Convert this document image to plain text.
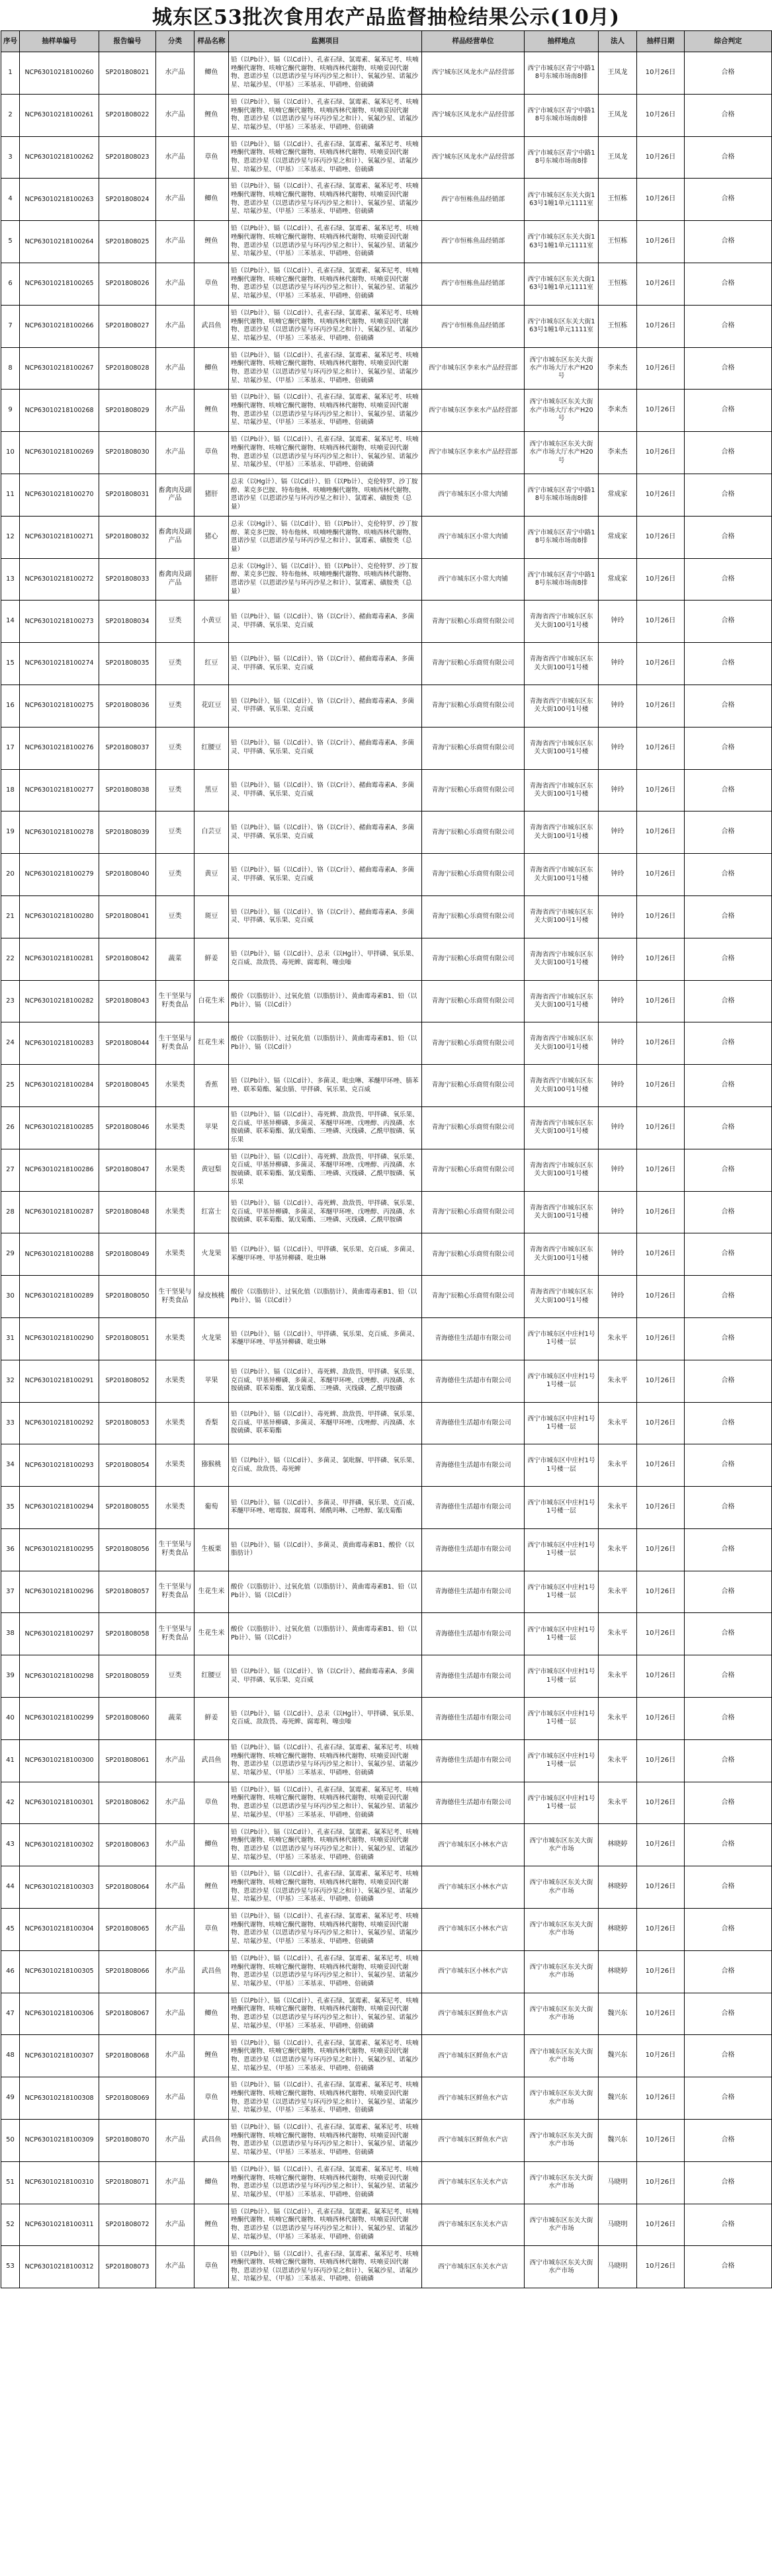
城东区53批次食用农产品监督抽检结果公示(10月)
序号	抽样单编号	报告编号	分类	样品名称	监测项目	样品经营单位	抽样地点	法人	抽样日期	综合判定
1	NCP63010218100260	SP201808021	水产品	鲫鱼	铅（以Pb计）、镉（以Cd计）、孔雀石绿、氯霉素、氟苯尼考、呋喃唑酮代谢物、呋喃它酮代谢物、呋喃西林代谢物、呋喃妥因代谢物、恩诺沙星（以恩诺沙星与环丙沙星之和计）、氧氟沙星、诺氟沙星、培氟沙星、（甲基）三苯基汞、甲硝唑、倍硫磷	西宁城东区凤龙水产品经营部	西宁市城东区青宁中路18号东城市场南8排	王凤龙	10月26日	合格
2	NCP63010218100261	SP201808022	水产品	鲤鱼	铅（以Pb计）、镉（以Cd计）、孔雀石绿、氯霉素、氟苯尼考、呋喃唑酮代谢物、呋喃它酮代谢物、呋喃西林代谢物、呋喃妥因代谢物、恩诺沙星（以恩诺沙星与环丙沙星之和计）、氧氟沙星、诺氟沙星、培氟沙星、（甲基）三苯基汞、甲硝唑、倍硫磷	西宁城东区凤龙水产品经营部	西宁市城东区青宁中路18号东城市场南8排	王凤龙	10月26日	合格
3	NCP63010218100262	SP201808023	水产品	草鱼	铅（以Pb计）、镉（以Cd计）、孔雀石绿、氯霉素、氟苯尼考、呋喃唑酮代谢物、呋喃它酮代谢物、呋喃西林代谢物、呋喃妥因代谢物、恩诺沙星（以恩诺沙星与环丙沙星之和计）、氧氟沙星、诺氟沙星、培氟沙星、（甲基）三苯基汞、甲硝唑、倍硫磷	西宁城东区凤龙水产品经营部	西宁市城东区青宁中路18号东城市场南8排	王凤龙	10月26日	合格
4	NCP63010218100263	SP201808024	水产品	鲫鱼	铅（以Pb计）、镉（以Cd计）、孔雀石绿、氯霉素、氟苯尼考、呋喃唑酮代谢物、呋喃它酮代谢物、呋喃西林代谢物、呋喃妥因代谢物、恩诺沙星（以恩诺沙星与环丙沙星之和计）、氧氟沙星、诺氟沙星、培氟沙星、（甲基）三苯基汞、甲硝唑、倍硫磷	西宁市恒栋鱼品经销部	西宁市城东区东关大街163号1幢1单元1111室	王恒栋	10月26日	合格
5	NCP63010218100264	SP201808025	水产品	鲤鱼	铅（以Pb计）、镉（以Cd计）、孔雀石绿、氯霉素、氟苯尼考、呋喃唑酮代谢物、呋喃它酮代谢物、呋喃西林代谢物、呋喃妥因代谢物、恩诺沙星（以恩诺沙星与环丙沙星之和计）、氧氟沙星、诺氟沙星、培氟沙星、（甲基）三苯基汞、甲硝唑、倍硫磷	西宁市恒栋鱼品经销部	西宁市城东区东关大街163号1幢1单元1111室	王恒栋	10月26日	合格
6	NCP63010218100265	SP201808026	水产品	草鱼	铅（以Pb计）、镉（以Cd计）、孔雀石绿、氯霉素、氟苯尼考、呋喃唑酮代谢物、呋喃它酮代谢物、呋喃西林代谢物、呋喃妥因代谢物、恩诺沙星（以恩诺沙星与环丙沙星之和计）、氧氟沙星、诺氟沙星、培氟沙星、（甲基）三苯基汞、甲硝唑、倍硫磷	西宁市恒栋鱼品经销部	西宁市城东区东关大街163号1幢1单元1111室	王恒栋	10月26日	合格
7	NCP63010218100266	SP201808027	水产品	武昌鱼	铅（以Pb计）、镉（以Cd计）、孔雀石绿、氯霉素、氟苯尼考、呋喃唑酮代谢物、呋喃它酮代谢物、呋喃西林代谢物、呋喃妥因代谢物、恩诺沙星（以恩诺沙星与环丙沙星之和计）、氧氟沙星、诺氟沙星、培氟沙星、（甲基）三苯基汞、甲硝唑、倍硫磷	西宁市恒栋鱼品经销部	西宁市城东区东关大街163号1幢1单元1111室	王恒栋	10月26日	合格
8	NCP63010218100267	SP201808028	水产品	鲫鱼	铅（以Pb计）、镉（以Cd计）、孔雀石绿、氯霉素、氟苯尼考、呋喃唑酮代谢物、呋喃它酮代谢物、呋喃西林代谢物、呋喃妥因代谢物、恩诺沙星（以恩诺沙星与环丙沙星之和计）、氧氟沙星、诺氟沙星、培氟沙星、（甲基）三苯基汞、甲硝唑、倍硫磷	西宁市城东区李来水产品经营部	西宁市城东区东关大街水产市场大厅水产H20号	李来杰	10月26日	合格
9	NCP63010218100268	SP201808029	水产品	鲤鱼	铅（以Pb计）、镉（以Cd计）、孔雀石绿、氯霉素、氟苯尼考、呋喃唑酮代谢物、呋喃它酮代谢物、呋喃西林代谢物、呋喃妥因代谢物、恩诺沙星（以恩诺沙星与环丙沙星之和计）、氧氟沙星、诺氟沙星、培氟沙星、（甲基）三苯基汞、甲硝唑、倍硫磷	西宁市城东区李来水产品经营部	西宁市城东区东关大街水产市场大厅水产H20号	李来杰	10月26日	合格
10	NCP63010218100269	SP201808030	水产品	草鱼	铅（以Pb计）、镉（以Cd计）、孔雀石绿、氯霉素、氟苯尼考、呋喃唑酮代谢物、呋喃它酮代谢物、呋喃西林代谢物、呋喃妥因代谢物、恩诺沙星（以恩诺沙星与环丙沙星之和计）、氧氟沙星、诺氟沙星、培氟沙星、（甲基）三苯基汞、甲硝唑、倍硫磷	西宁市城东区李来水产品经营部	西宁市城东区东关大街水产市场大厅水产H20号	李来杰	10月26日	合格
11	NCP63010218100270	SP201808031	畜禽肉及副产品	猪肝	总汞（以Hg计）、镉（以Cd计）、铅（以Pb计）、克伦特罗、沙丁胺醇、莱克多巴胺、特布他林、呋喃唑酮代谢物、呋喃西林代谢物、恩诺沙星（以恩诺沙星与环丙沙星之和计）、氯霉素、磺胺类（总量）	西宁市城东区小常大肉铺	西宁市城东区青宁中路18号东城市场南8排	常成家	10月26日	合格
12	NCP63010218100271	SP201808032	畜禽肉及副产品	猪心	总汞（以Hg计）、镉（以Cd计）、铅（以Pb计）、克伦特罗、沙丁胺醇、莱克多巴胺、特布他林、呋喃唑酮代谢物、呋喃西林代谢物、恩诺沙星（以恩诺沙星与环丙沙星之和计）、氯霉素、磺胺类（总量）	西宁市城东区小常大肉铺	西宁市城东区青宁中路18号东城市场南8排	常成家	10月26日	合格
13	NCP63010218100272	SP201808033	畜禽肉及副产品	猪肝	总汞（以Hg计）、镉（以Cd计）、铅（以Pb计）、克伦特罗、沙丁胺醇、莱克多巴胺、特布他林、呋喃唑酮代谢物、呋喃西林代谢物、恩诺沙星（以恩诺沙星与环丙沙星之和计）、氯霉素、磺胺类（总量）	西宁市城东区小常大肉铺	西宁市城东区青宁中路18号东城市场南8排	常成家	10月26日	合格
14	NCP63010218100273	SP201808034	豆类	小黄豆	铅（以Pb计）、镉（以Cd计）、铬（以Cr计）、赭曲霉毒素A、多菌灵、甲拌磷、氧乐果、克百威	青海宁辰粮心乐商贸有限公司	青海省西宁市城东区东关大街100号1号楼	钟玲	10月26日	合格
15	NCP63010218100274	SP201808035	豆类	红豆	铅（以Pb计）、镉（以Cd计）、铬（以Cr计）、赭曲霉毒素A、多菌灵、甲拌磷、氧乐果、克百威	青海宁辰粮心乐商贸有限公司	青海省西宁市城东区东关大街100号1号楼	钟玲	10月26日	合格
16	NCP63010218100275	SP201808036	豆类	花豇豆	铅（以Pb计）、镉（以Cd计）、铬（以Cr计）、赭曲霉毒素A、多菌灵、甲拌磷、氧乐果、克百威	青海宁辰粮心乐商贸有限公司	青海省西宁市城东区东关大街100号1号楼	钟玲	10月26日	合格
17	NCP63010218100276	SP201808037	豆类	红腰豆	铅（以Pb计）、镉（以Cd计）、铬（以Cr计）、赭曲霉毒素A、多菌灵、甲拌磷、氧乐果、克百威	青海宁辰粮心乐商贸有限公司	青海省西宁市城东区东关大街100号1号楼	钟玲	10月26日	合格
18	NCP63010218100277	SP201808038	豆类	黑豆	铅（以Pb计）、镉（以Cd计）、铬（以Cr计）、赭曲霉毒素A、多菌灵、甲拌磷、氧乐果、克百威	青海宁辰粮心乐商贸有限公司	青海省西宁市城东区东关大街100号1号楼	钟玲	10月26日	合格
19	NCP63010218100278	SP201808039	豆类	白芸豆	铅（以Pb计）、镉（以Cd计）、铬（以Cr计）、赭曲霉毒素A、多菌灵、甲拌磷、氧乐果、克百威	青海宁辰粮心乐商贸有限公司	青海省西宁市城东区东关大街100号1号楼	钟玲	10月26日	合格
20	NCP63010218100279	SP201808040	豆类	黄豆	铅（以Pb计）、镉（以Cd计）、铬（以Cr计）、赭曲霉毒素A、多菌灵、甲拌磷、氧乐果、克百威	青海宁辰粮心乐商贸有限公司	青海省西宁市城东区东关大街100号1号楼	钟玲	10月26日	合格
21	NCP63010218100280	SP201808041	豆类	斑豆	铅（以Pb计）、镉（以Cd计）、铬（以Cr计）、赭曲霉毒素A、多菌灵、甲拌磷、氧乐果、克百威	青海宁辰粮心乐商贸有限公司	青海省西宁市城东区东关大街100号1号楼	钟玲	10月26日	合格
22	NCP63010218100281	SP201808042	蔬菜	鲜姜	铅（以Pb计）、镉（以Cd计）、总汞（以Hg计）、甲拌磷、氧乐果、克百威、敌敌畏、毒死蜱、腐霉利、噻虫嗪	青海宁辰粮心乐商贸有限公司	青海省西宁市城东区东关大街100号1号楼	钟玲	10月26日	合格
23	NCP63010218100282	SP201808043	生干坚果与籽类食品	白花生米	酸价（以脂肪计）、过氧化值（以脂肪计）、黄曲霉毒素B1、铅（以Pb计）、镉（以Cd计）	青海宁辰粮心乐商贸有限公司	青海省西宁市城东区东关大街100号1号楼	钟玲	10月26日	合格
24	NCP63010218100283	SP201808044	生干坚果与籽类食品	红花生米	酸价（以脂肪计）、过氧化值（以脂肪计）、黄曲霉毒素B1、铅（以Pb计）、镉（以Cd计）	青海宁辰粮心乐商贸有限公司	青海省西宁市城东区东关大街100号1号楼	钟玲	10月26日	合格
25	NCP63010218100284	SP201808045	水果类	香蕉	铅（以Pb计）、镉（以Cd计）、多菌灵、吡虫啉、苯醚甲环唑、腈苯唑、联苯菊酯、氟虫腈、甲拌磷、氧乐果、克百威	青海宁辰粮心乐商贸有限公司	青海省西宁市城东区东关大街100号1号楼	钟玲	10月26日	合格
26	NCP63010218100285	SP201808046	水果类	苹果	铅（以Pb计）、镉（以Cd计）、毒死蜱、敌敌畏、甲拌磷、氧乐果、克百威、甲基异柳磷、多菌灵、苯醚甲环唑、戊唑醇、丙溴磷、水胺硫磷、联苯菊酯、氰戊菊酯、三唑磷、灭线磷、乙酰甲胺磷、氧乐果	青海宁辰粮心乐商贸有限公司	青海省西宁市城东区东关大街100号1号楼	钟玲	10月26日	合格
27	NCP63010218100286	SP201808047	水果类	黄冠梨	铅（以Pb计）、镉（以Cd计）、毒死蜱、敌敌畏、甲拌磷、氧乐果、克百威、甲基异柳磷、多菌灵、苯醚甲环唑、戊唑醇、丙溴磷、水胺硫磷、联苯菊酯、氰戊菊酯、三唑磷、灭线磷、乙酰甲胺磷、氧乐果	青海宁辰粮心乐商贸有限公司	青海省西宁市城东区东关大街100号1号楼	钟玲	10月26日	合格
28	NCP63010218100287	SP201808048	水果类	红富士	铅（以Pb计）、镉（以Cd计）、毒死蜱、敌敌畏、甲拌磷、氧乐果、克百威、甲基异柳磷、多菌灵、苯醚甲环唑、戊唑醇、丙溴磷、水胺硫磷、联苯菊酯、氰戊菊酯、三唑磷、灭线磷、乙酰甲胺磷	青海宁辰粮心乐商贸有限公司	青海省西宁市城东区东关大街100号1号楼	钟玲	10月26日	合格
29	NCP63010218100288	SP201808049	水果类	火龙果	铅（以Pb计）、镉（以Cd计）、甲拌磷、氧乐果、克百威、多菌灵、苯醚甲环唑、甲基异柳磷、吡虫啉	青海宁辰粮心乐商贸有限公司	青海省西宁市城东区东关大街100号1号楼	钟玲	10月26日	合格
30	NCP63010218100289	SP201808050	生干坚果与籽类食品	绿皮核桃	酸价（以脂肪计）、过氧化值（以脂肪计）、黄曲霉毒素B1、铅（以Pb计）、镉（以Cd计）	青海宁辰粮心乐商贸有限公司	青海省西宁市城东区东关大街100号1号楼	钟玲	10月26日	合格
31	NCP63010218100290	SP201808051	水果类	火龙果	铅（以Pb计）、镉（以Cd计）、甲拌磷、氧乐果、克百威、多菌灵、苯醚甲环唑、甲基异柳磷、吡虫啉	青海德佳生活超市有限公司	西宁市城东区中庄村1号1号楼一层	朱永平	10月26日	合格
32	NCP63010218100291	SP201808052	水果类	苹果	铅（以Pb计）、镉（以Cd计）、毒死蜱、敌敌畏、甲拌磷、氧乐果、克百威、甲基异柳磷、多菌灵、苯醚甲环唑、戊唑醇、丙溴磷、水胺硫磷、联苯菊酯、氰戊菊酯、三唑磷、灭线磷、乙酰甲胺磷	青海德佳生活超市有限公司	西宁市城东区中庄村1号1号楼一层	朱永平	10月26日	合格
33	NCP63010218100292	SP201808053	水果类	香梨	铅（以Pb计）、镉（以Cd计）、毒死蜱、敌敌畏、甲拌磷、氧乐果、克百威、甲基异柳磷、多菌灵、苯醚甲环唑、戊唑醇、丙溴磷、水胺硫磷、联苯菊酯	青海德佳生活超市有限公司	西宁市城东区中庄村1号1号楼一层	朱永平	10月26日	合格
34	NCP63010218100293	SP201808054	水果类	猕猴桃	铅（以Pb计）、镉（以Cd计）、多菌灵、氯吡脲、甲拌磷、氧乐果、克百威、敌敌畏、毒死蜱	青海德佳生活超市有限公司	西宁市城东区中庄村1号1号楼一层	朱永平	10月26日	合格
35	NCP63010218100294	SP201808055	水果类	葡萄	铅（以Pb计）、镉（以Cd计）、多菌灵、甲拌磷、氧乐果、克百威、苯醚甲环唑、嘧霉胺、腐霉利、烯酰吗啉、己唑醇、氰戊菊酯	青海德佳生活超市有限公司	西宁市城东区中庄村1号1号楼一层	朱永平	10月26日	合格
36	NCP63010218100295	SP201808056	生干坚果与籽类食品	生板栗	铅（以Pb计）、镉（以Cd计）、多菌灵、黄曲霉毒素B1、酸价（以脂肪计）	青海德佳生活超市有限公司	西宁市城东区中庄村1号1号楼一层	朱永平	10月26日	合格
37	NCP63010218100296	SP201808057	生干坚果与籽类食品	生花生米	酸价（以脂肪计）、过氧化值（以脂肪计）、黄曲霉毒素B1、铅（以Pb计）、镉（以Cd计）	青海德佳生活超市有限公司	西宁市城东区中庄村1号1号楼一层	朱永平	10月26日	合格
38	NCP63010218100297	SP201808058	生干坚果与籽类食品	生花生米	酸价（以脂肪计）、过氧化值（以脂肪计）、黄曲霉毒素B1、铅（以Pb计）、镉（以Cd计）	青海德佳生活超市有限公司	西宁市城东区中庄村1号1号楼一层	朱永平	10月26日	合格
39	NCP63010218100298	SP201808059	豆类	红腰豆	铅（以Pb计）、镉（以Cd计）、铬（以Cr计）、赭曲霉毒素A、多菌灵、甲拌磷、氧乐果、克百威	青海德佳生活超市有限公司	西宁市城东区中庄村1号1号楼一层	朱永平	10月26日	合格
40	NCP63010218100299	SP201808060	蔬菜	鲜姜	铅（以Pb计）、镉（以Cd计）、总汞（以Hg计）、甲拌磷、氧乐果、克百威、敌敌畏、毒死蜱、腐霉利、噻虫嗪	青海德佳生活超市有限公司	西宁市城东区中庄村1号1号楼一层	朱永平	10月26日	合格
41	NCP63010218100300	SP201808061	水产品	武昌鱼	铅（以Pb计）、镉（以Cd计）、孔雀石绿、氯霉素、氟苯尼考、呋喃唑酮代谢物、呋喃它酮代谢物、呋喃西林代谢物、呋喃妥因代谢物、恩诺沙星（以恩诺沙星与环丙沙星之和计）、氧氟沙星、诺氟沙星、培氟沙星、（甲基）三苯基汞、甲硝唑、倍硫磷	青海德佳生活超市有限公司	西宁市城东区中庄村1号1号楼一层	朱永平	10月26日	合格
42	NCP63010218100301	SP201808062	水产品	草鱼	铅（以Pb计）、镉（以Cd计）、孔雀石绿、氯霉素、氟苯尼考、呋喃唑酮代谢物、呋喃它酮代谢物、呋喃西林代谢物、呋喃妥因代谢物、恩诺沙星（以恩诺沙星与环丙沙星之和计）、氧氟沙星、诺氟沙星、培氟沙星、（甲基）三苯基汞、甲硝唑、倍硫磷	青海德佳生活超市有限公司	西宁市城东区中庄村1号1号楼一层	朱永平	10月26日	合格
43	NCP63010218100302	SP201808063	水产品	鲫鱼	铅（以Pb计）、镉（以Cd计）、孔雀石绿、氯霉素、氟苯尼考、呋喃唑酮代谢物、呋喃它酮代谢物、呋喃西林代谢物、呋喃妥因代谢物、恩诺沙星（以恩诺沙星与环丙沙星之和计）、氧氟沙星、诺氟沙星、培氟沙星、（甲基）三苯基汞、甲硝唑、倍硫磷	西宁市城东区小林水产店	西宁市城东区东关大街水产市场	林晓婷	10月26日	合格
44	NCP63010218100303	SP201808064	水产品	鲤鱼	铅（以Pb计）、镉（以Cd计）、孔雀石绿、氯霉素、氟苯尼考、呋喃唑酮代谢物、呋喃它酮代谢物、呋喃西林代谢物、呋喃妥因代谢物、恩诺沙星（以恩诺沙星与环丙沙星之和计）、氧氟沙星、诺氟沙星、培氟沙星、（甲基）三苯基汞、甲硝唑、倍硫磷	西宁市城东区小林水产店	西宁市城东区东关大街水产市场	林晓婷	10月26日	合格
45	NCP63010218100304	SP201808065	水产品	草鱼	铅（以Pb计）、镉（以Cd计）、孔雀石绿、氯霉素、氟苯尼考、呋喃唑酮代谢物、呋喃它酮代谢物、呋喃西林代谢物、呋喃妥因代谢物、恩诺沙星（以恩诺沙星与环丙沙星之和计）、氧氟沙星、诺氟沙星、培氟沙星、（甲基）三苯基汞、甲硝唑、倍硫磷	西宁市城东区小林水产店	西宁市城东区东关大街水产市场	林晓婷	10月26日	合格
46	NCP63010218100305	SP201808066	水产品	武昌鱼	铅（以Pb计）、镉（以Cd计）、孔雀石绿、氯霉素、氟苯尼考、呋喃唑酮代谢物、呋喃它酮代谢物、呋喃西林代谢物、呋喃妥因代谢物、恩诺沙星（以恩诺沙星与环丙沙星之和计）、氧氟沙星、诺氟沙星、培氟沙星、（甲基）三苯基汞、甲硝唑、倍硫磷	西宁市城东区小林水产店	西宁市城东区东关大街水产市场	林晓婷	10月26日	合格
47	NCP63010218100306	SP201808067	水产品	鲫鱼	铅（以Pb计）、镉（以Cd计）、孔雀石绿、氯霉素、氟苯尼考、呋喃唑酮代谢物、呋喃它酮代谢物、呋喃西林代谢物、呋喃妥因代谢物、恩诺沙星（以恩诺沙星与环丙沙星之和计）、氧氟沙星、诺氟沙星、培氟沙星、（甲基）三苯基汞、甲硝唑、倍硫磷	西宁市城东区鲜鱼水产店	西宁市城东区东关大街水产市场	魏兴东	10月26日	合格
48	NCP63010218100307	SP201808068	水产品	鲤鱼	铅（以Pb计）、镉（以Cd计）、孔雀石绿、氯霉素、氟苯尼考、呋喃唑酮代谢物、呋喃它酮代谢物、呋喃西林代谢物、呋喃妥因代谢物、恩诺沙星（以恩诺沙星与环丙沙星之和计）、氧氟沙星、诺氟沙星、培氟沙星、（甲基）三苯基汞、甲硝唑、倍硫磷	西宁市城东区鲜鱼水产店	西宁市城东区东关大街水产市场	魏兴东	10月26日	合格
49	NCP63010218100308	SP201808069	水产品	草鱼	铅（以Pb计）、镉（以Cd计）、孔雀石绿、氯霉素、氟苯尼考、呋喃唑酮代谢物、呋喃它酮代谢物、呋喃西林代谢物、呋喃妥因代谢物、恩诺沙星（以恩诺沙星与环丙沙星之和计）、氧氟沙星、诺氟沙星、培氟沙星、（甲基）三苯基汞、甲硝唑、倍硫磷	西宁市城东区鲜鱼水产店	西宁市城东区东关大街水产市场	魏兴东	10月26日	合格
50	NCP63010218100309	SP201808070	水产品	武昌鱼	铅（以Pb计）、镉（以Cd计）、孔雀石绿、氯霉素、氟苯尼考、呋喃唑酮代谢物、呋喃它酮代谢物、呋喃西林代谢物、呋喃妥因代谢物、恩诺沙星（以恩诺沙星与环丙沙星之和计）、氧氟沙星、诺氟沙星、培氟沙星、（甲基）三苯基汞、甲硝唑、倍硫磷	西宁市城东区鲜鱼水产店	西宁市城东区东关大街水产市场	魏兴东	10月26日	合格
51	NCP63010218100310	SP201808071	水产品	鲫鱼	铅（以Pb计）、镉（以Cd计）、孔雀石绿、氯霉素、氟苯尼考、呋喃唑酮代谢物、呋喃它酮代谢物、呋喃西林代谢物、呋喃妥因代谢物、恩诺沙星（以恩诺沙星与环丙沙星之和计）、氧氟沙星、诺氟沙星、培氟沙星、（甲基）三苯基汞、甲硝唑、倍硫磷	西宁市城东区东关水产店	西宁市城东区东关大街水产市场	马晓明	10月26日	合格
52	NCP63010218100311	SP201808072	水产品	鲤鱼	铅（以Pb计）、镉（以Cd计）、孔雀石绿、氯霉素、氟苯尼考、呋喃唑酮代谢物、呋喃它酮代谢物、呋喃西林代谢物、呋喃妥因代谢物、恩诺沙星（以恩诺沙星与环丙沙星之和计）、氧氟沙星、诺氟沙星、培氟沙星、（甲基）三苯基汞、甲硝唑、倍硫磷	西宁市城东区东关水产店	西宁市城东区东关大街水产市场	马晓明	10月26日	合格
53	NCP63010218100312	SP201808073	水产品	草鱼	铅（以Pb计）、镉（以Cd计）、孔雀石绿、氯霉素、氟苯尼考、呋喃唑酮代谢物、呋喃它酮代谢物、呋喃西林代谢物、呋喃妥因代谢物、恩诺沙星（以恩诺沙星与环丙沙星之和计）、氧氟沙星、诺氟沙星、培氟沙星、（甲基）三苯基汞、甲硝唑、倍硫磷	西宁市城东区东关水产店	西宁市城东区东关大街水产市场	马晓明	10月26日	合格
